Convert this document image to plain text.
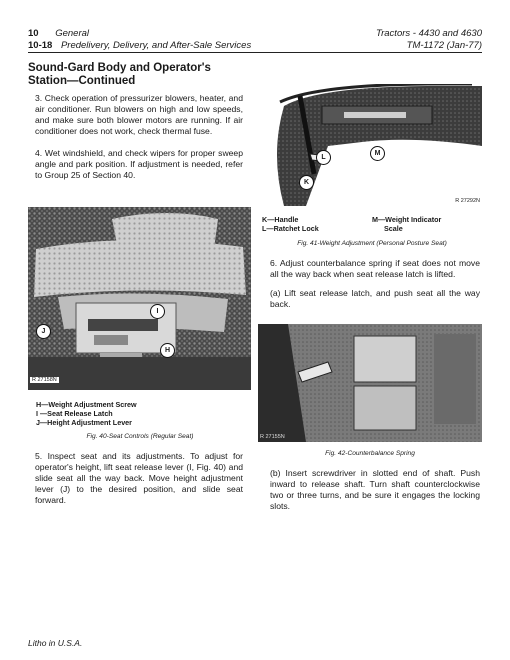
10 General
10-18 Predelivery, Delivery, and After-Sale Services
Tractors - 4430 and 4630
TM-1172 (Jan-77)
Sound-Gard Body and Operator's
Station—Continued
3. Check operation of pressurizer blowers, heater, and air conditioner. Run blowers on high and low speeds, and make sure both blower motors are running. If air conditioner does not work, check thermal fuse.
4. Wet windshield, and check wipers for proper sweep angle and park position. If adjustment is needed, refer to Group 25 of Section 40.
I
J
H
R 27158N
H—Weight Adjustment Screw
I —Seat Release Latch
J—Height Adjustment Lever
Fig. 40-Seat Controls (Regular Seat)
5. Inspect seat and its adjustments. To adjust for operator's height, lift seat release lever (I, Fig. 40) and slide seat all the way back. Move height adjustment lever (J) to the desired position, and slide seat forward.
L
M
K
R 27292N
K—Handle
L—Ratchet Lock
M—Weight Indicator
Scale
Fig. 41-Weight Adjustment (Personal Posture Seat)
6. Adjust counterbalance spring if seat does not move all the way back when seat release latch is lifted.
(a) Lift seat release latch, and push seat all the way back.
R 27155N
Fig. 42-Counterbalance Spring
(b) Insert screwdriver in slotted end of shaft. Push inward to release shaft. Turn shaft counterclockwise two or three turns, and be sure it engages the locking slots.
Litho in U.S.A.
